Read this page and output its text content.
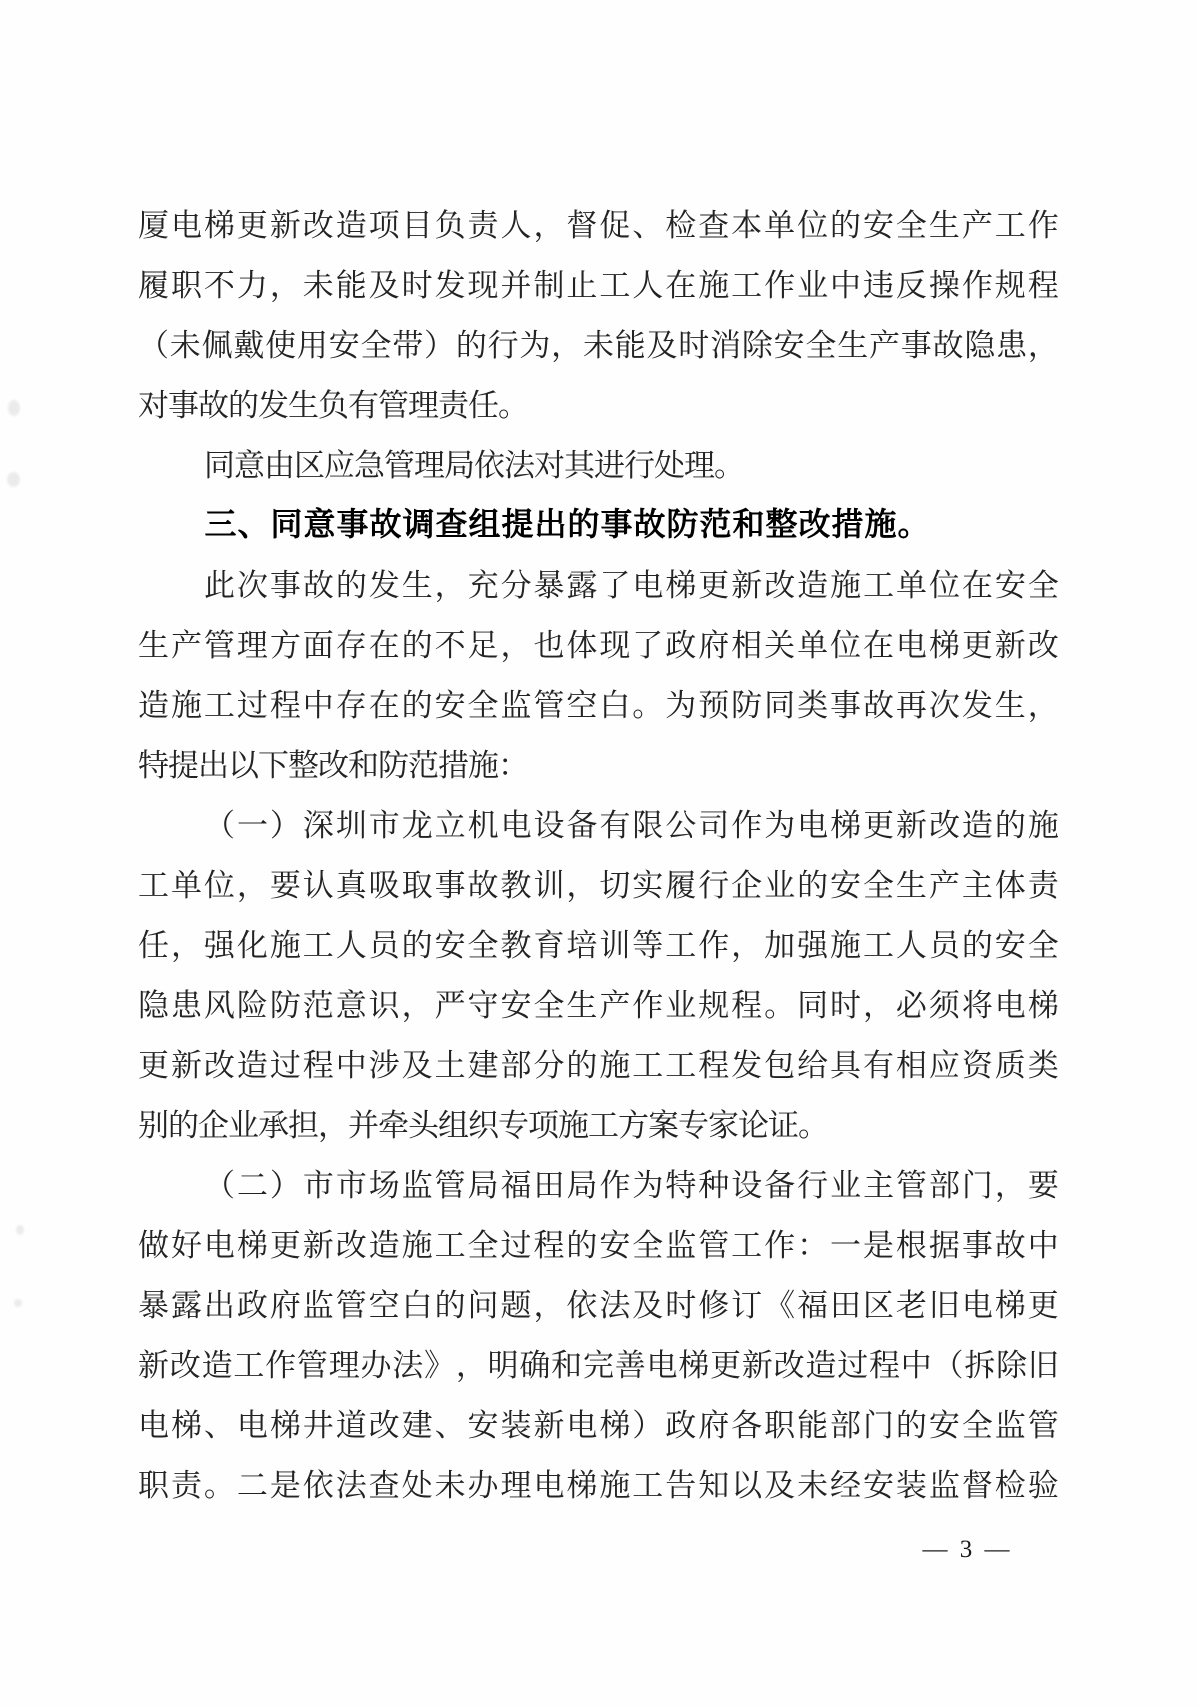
厦 电 梯 更 新 改 造 项 目 负 责 人 ， 督 促 、 检 查 本 单 位 的 安 全 生 产 工 作
履 职 不 力 ， 未 能 及 时 发 现 并 制 止 工 人 在 施 工 作 业 中 违 反 操 作 规 程
（ 未 佩 戴 使 用 安 全 带 ） 的 行 为 ， 未 能 及 时 消 除 安 全 生 产 事 故 隐 患 ，
对 事 故 的 发 生 负 有 管 理 责 任 。
同 意 由 区 应 急 管 理 局 依 法 对 其 进 行 处 理 。
三 、 同 意 事 故 调 查 组 提 出 的 事 故 防 范 和 整 改 措 施 。
此 次 事 故 的 发 生 ， 充 分 暴 露 了 电 梯 更 新 改 造 施 工 单 位 在 安 全
生 产 管 理 方 面 存 在 的 不 足 ， 也 体 现 了 政 府 相 关 单 位 在 电 梯 更 新 改
造 施 工 过 程 中 存 在 的 安 全 监 管 空 白 。 为 预 防 同 类 事 故 再 次 发 生 ，
特 提 出 以 下 整 改 和 防 范 措 施 ：
（ 一 ） 深 圳 市 龙 立 机 电 设 备 有 限 公 司 作 为 电 梯 更 新 改 造 的 施
工 单 位 ， 要 认 真 吸 取 事 故 教 训 ， 切 实 履 行 企 业 的 安 全 生 产 主 体 责
任 ， 强 化 施 工 人 员 的 安 全 教 育 培 训 等 工 作 ， 加 强 施 工 人 员 的 安 全
隐 患 风 险 防 范 意 识 ， 严 守 安 全 生 产 作 业 规 程 。 同 时 ， 必 须 将 电 梯
更 新 改 造 过 程 中 涉 及 土 建 部 分 的 施 工 工 程 发 包 给 具 有 相 应 资 质 类
别 的 企 业 承 担 ， 并 牵 头 组 织 专 项 施 工 方 案 专 家 论 证 。
（ 二 ） 市 市 场 监 管 局 福 田 局 作 为 特 种 设 备 行 业 主 管 部 门 ， 要
做 好 电 梯 更 新 改 造 施 工 全 过 程 的 安 全 监 管 工 作 ： 一 是 根 据 事 故 中
暴 露 出 政 府 监 管 空 白 的 问 题 ， 依 法 及 时 修 订 《 福 田 区 老 旧 电 梯 更
新 改 造 工 作 管 理 办 法 》 ， 明 确 和 完 善 电 梯 更 新 改 造 过 程 中 （ 拆 除 旧
电 梯 、 电 梯 井 道 改 建 、 安 装 新 电 梯 ） 政 府 各 职 能 部 门 的 安 全 监 管
职 责 。 二 是 依 法 查 处 未 办 理 电 梯 施 工 告 知 以 及 未 经 安 装 监 督 检 验
— 3 —
